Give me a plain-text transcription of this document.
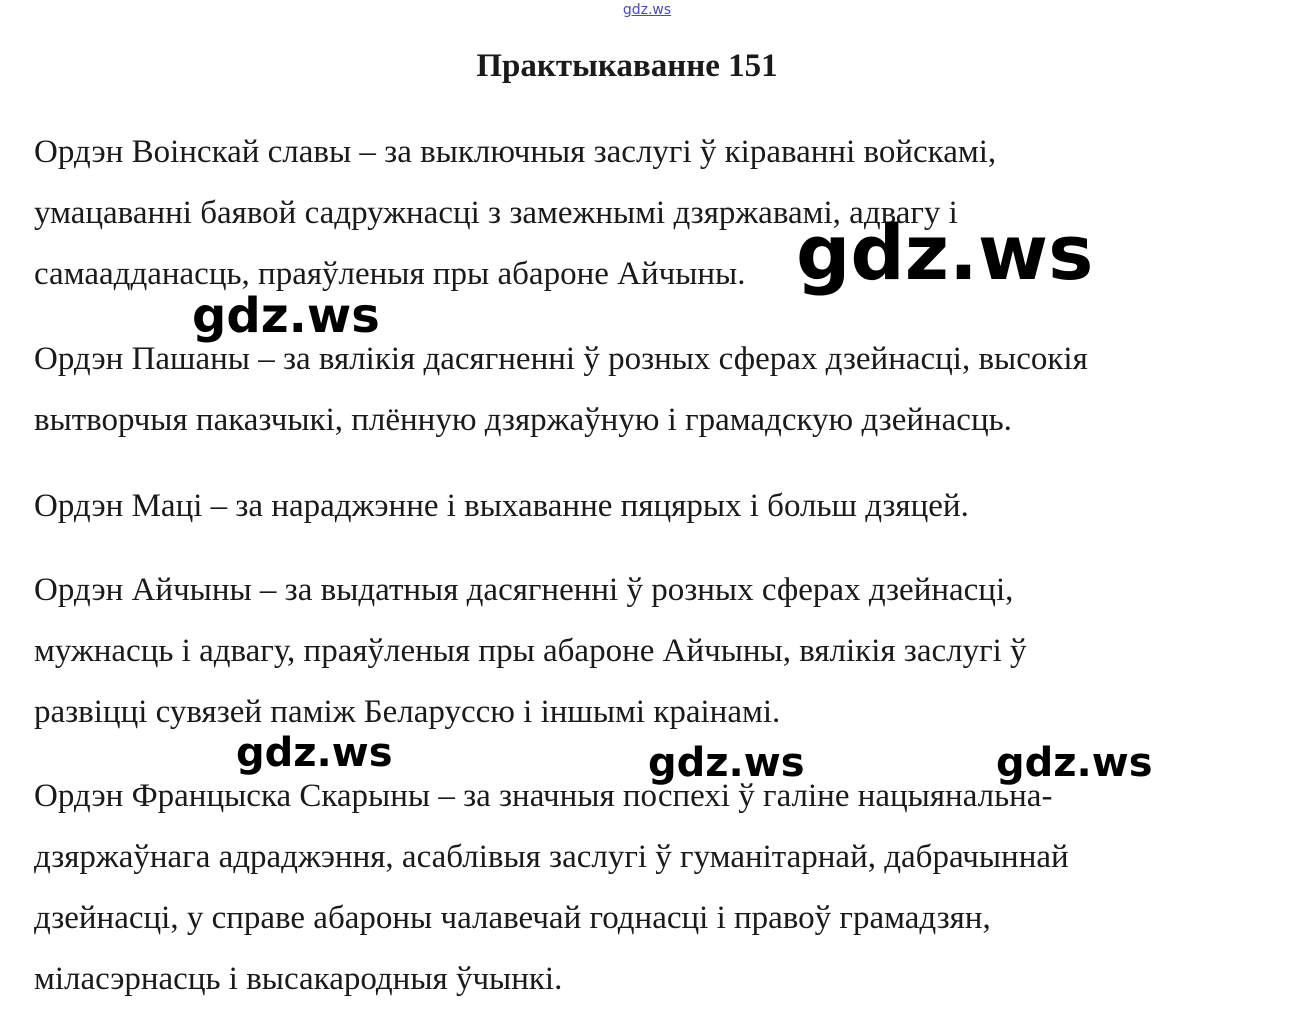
gdz.ws
Практыкаванне 151
Ордэн Воінскай славы – за выключныя заслугі ў кіраванні войскамі,
умацаванні баявой садружнасці з замежнымі дзяржавамі, адвагу і
самаадданасць, праяўленыя пры абароне Айчыны.
Ордэн Пашаны – за вялікія дасягненні ў розных сферах дзейнасці, высокія
вытворчыя паказчыкі, плённую дзяржаўную і грамадскую дзейнасць.
Ордэн Маці – за нараджэнне і выхаванне пяцярых і больш дзяцей.
Ордэн Айчыны – за выдатныя дасягненні ў розных сферах дзейнасці,
мужнасць і адвагу, праяўленыя пры абароне Айчыны, вялікія заслугі ў
развіцці сувязей паміж Беларуссю і іншымі краінамі.
Ордэн Францыска Скарыны – за значныя поспехі ў галіне нацыянальна-
дзяржаўнага адраджэння, асаблівыя заслугі ў гуманітарнай, дабрачыннай
дзейнасці, у справе абароны чалавечай годнасці і правоў грамадзян,
міласэрнасць і высакародныя ўчынкі.
gdz.ws
gdz.ws
gdz.ws	gdz.ws	gdz.ws
